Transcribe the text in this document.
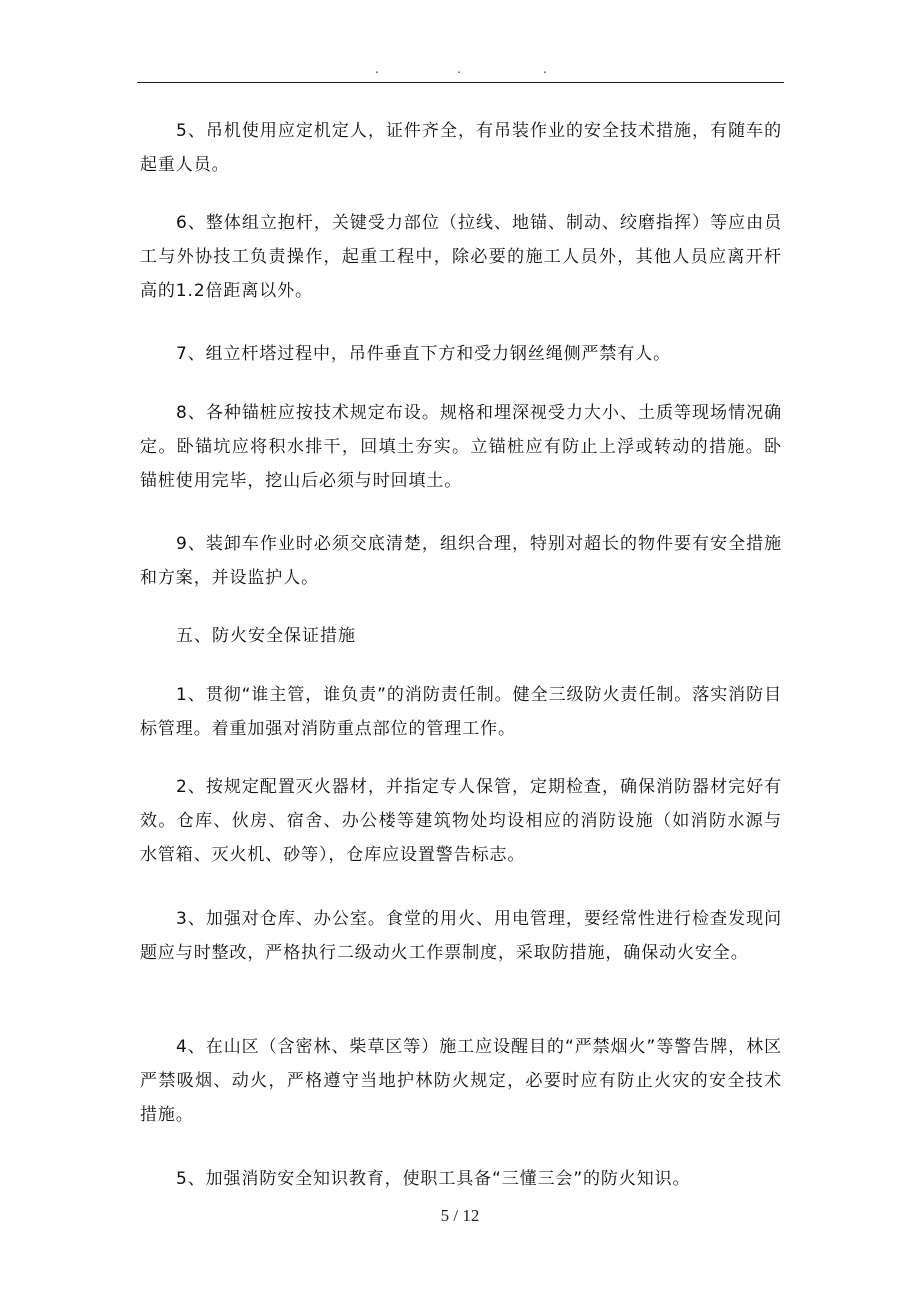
.	.	.

5、吊机使用应定机定人，证件齐全，有吊装作业的安全技术措施，有随车的起重人员。

6、整体组立抱杆，关键受力部位（拉线、地锚、制动、绞磨指挥）等应由员工与外协技工负责操作，起重工程中，除必要的施工人员外，其他人员应离开杆高的1.2倍距离以外。

7、组立杆塔过程中，吊件垂直下方和受力钢丝绳侧严禁有人。

8、各种锚桩应按技术规定布设。规格和埋深视受力大小、土质等现场情况确定。卧锚坑应将积水排干，回填土夯实。立锚桩应有防止上浮或转动的措施。卧锚桩使用完毕，挖山后必须与时回填土。

9、装卸车作业时必须交底清楚，组织合理，特别对超长的物件要有安全措施和方案，并设监护人。

五、防火安全保证措施

1、贯彻“谁主管，谁负责”的消防责任制。健全三级防火责任制。落实消防目标管理。着重加强对消防重点部位的管理工作。

2、按规定配置灭火器材，并指定专人保管，定期检查，确保消防器材完好有效。仓库、伙房、宿舍、办公楼等建筑物处均设相应的消防设施（如消防水源与水管箱、灭火机、砂等），仓库应设置警告标志。

3、加强对仓库、办公室。食堂的用火、用电管理，要经常性进行检查发现问题应与时整改，严格执行二级动火工作票制度，采取防措施，确保动火安全。

4、在山区（含密林、柴草区等）施工应设醒目的“严禁烟火”等警告牌，林区严禁吸烟、动火，严格遵守当地护林防火规定，必要时应有防止火灾的安全技术措施。

5、加强消防安全知识教育，使职工具备“三懂三会”的防火知识。

5 / 12
